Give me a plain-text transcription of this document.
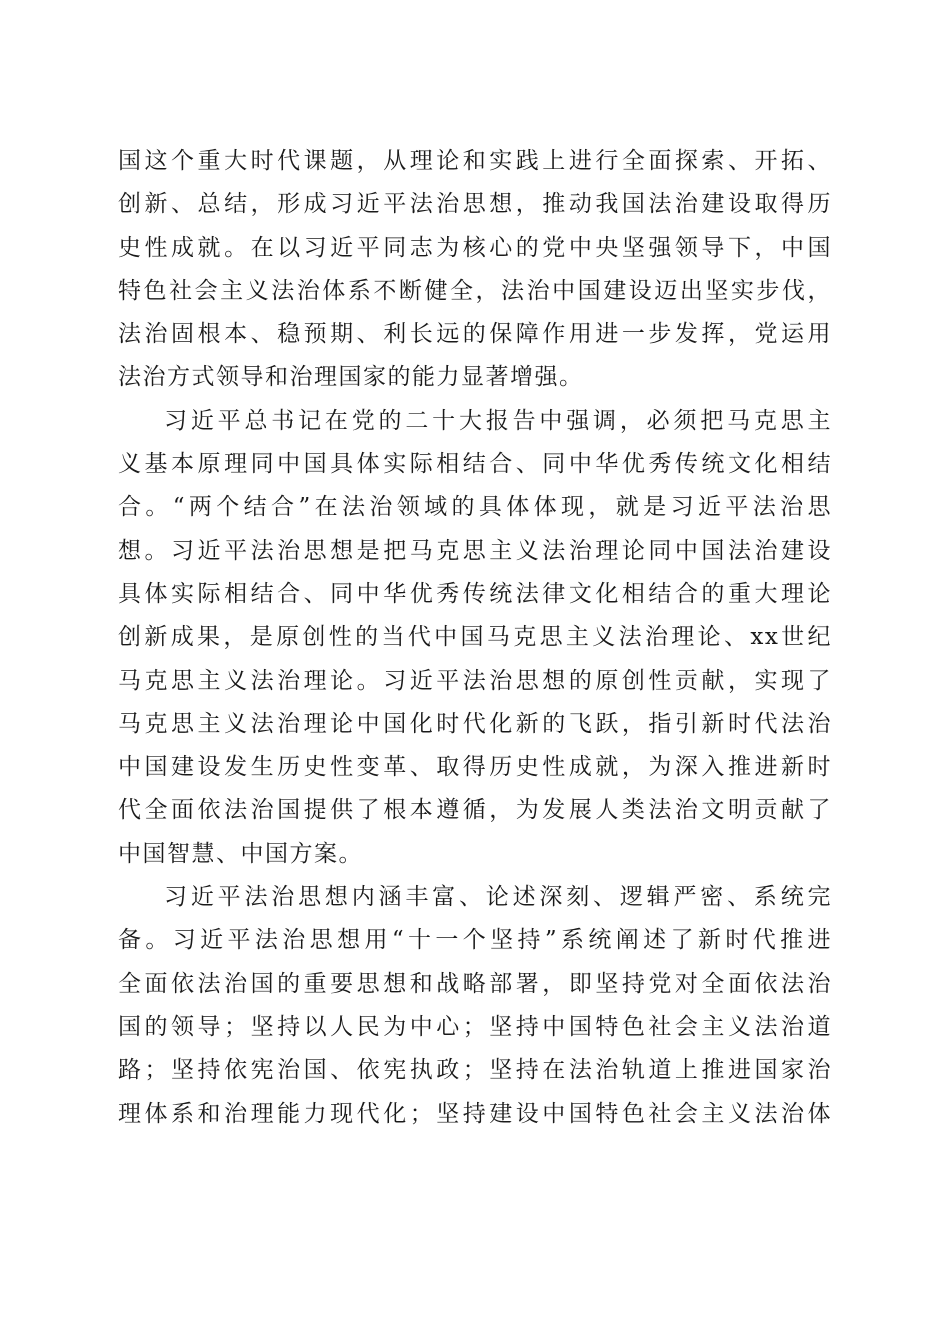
国这个重大时代课题，从理论和实践上进行全面探索、开拓、
创新、总结，形成习近平法治思想，推动我国法治建设取得历
史性成就。在以习近平同志为核心的党中央坚强领导下，中国
特色社会主义法治体系不断健全，法治中国建设迈出坚实步伐，
法治固根本、稳预期、利长远的保障作用进一步发挥，党运用
法治方式领导和治理国家的能力显著增强。
习近平总书记在党的二十大报告中强调，必须把马克思主
义基本原理同中国具体实际相结合、同中华优秀传统文化相结
合。“两个结合”在法治领域的具体体现，就是习近平法治思
想。习近平法治思想是把马克思主义法治理论同中国法治建设
具体实际相结合、同中华优秀传统法律文化相结合的重大理论
创新成果，是原创性的当代中国马克思主义法治理论、xx世纪
马克思主义法治理论。习近平法治思想的原创性贡献，实现了
马克思主义法治理论中国化时代化新的飞跃，指引新时代法治
中国建设发生历史性变革、取得历史性成就，为深入推进新时
代全面依法治国提供了根本遵循，为发展人类法治文明贡献了
中国智慧、中国方案。
习近平法治思想内涵丰富、论述深刻、逻辑严密、系统完
备。习近平法治思想用“十一个坚持”系统阐述了新时代推进
全面依法治国的重要思想和战略部署，即坚持党对全面依法治
国的领导；坚持以人民为中心；坚持中国特色社会主义法治道
路；坚持依宪治国、依宪执政；坚持在法治轨道上推进国家治
理体系和治理能力现代化；坚持建设中国特色社会主义法治体
